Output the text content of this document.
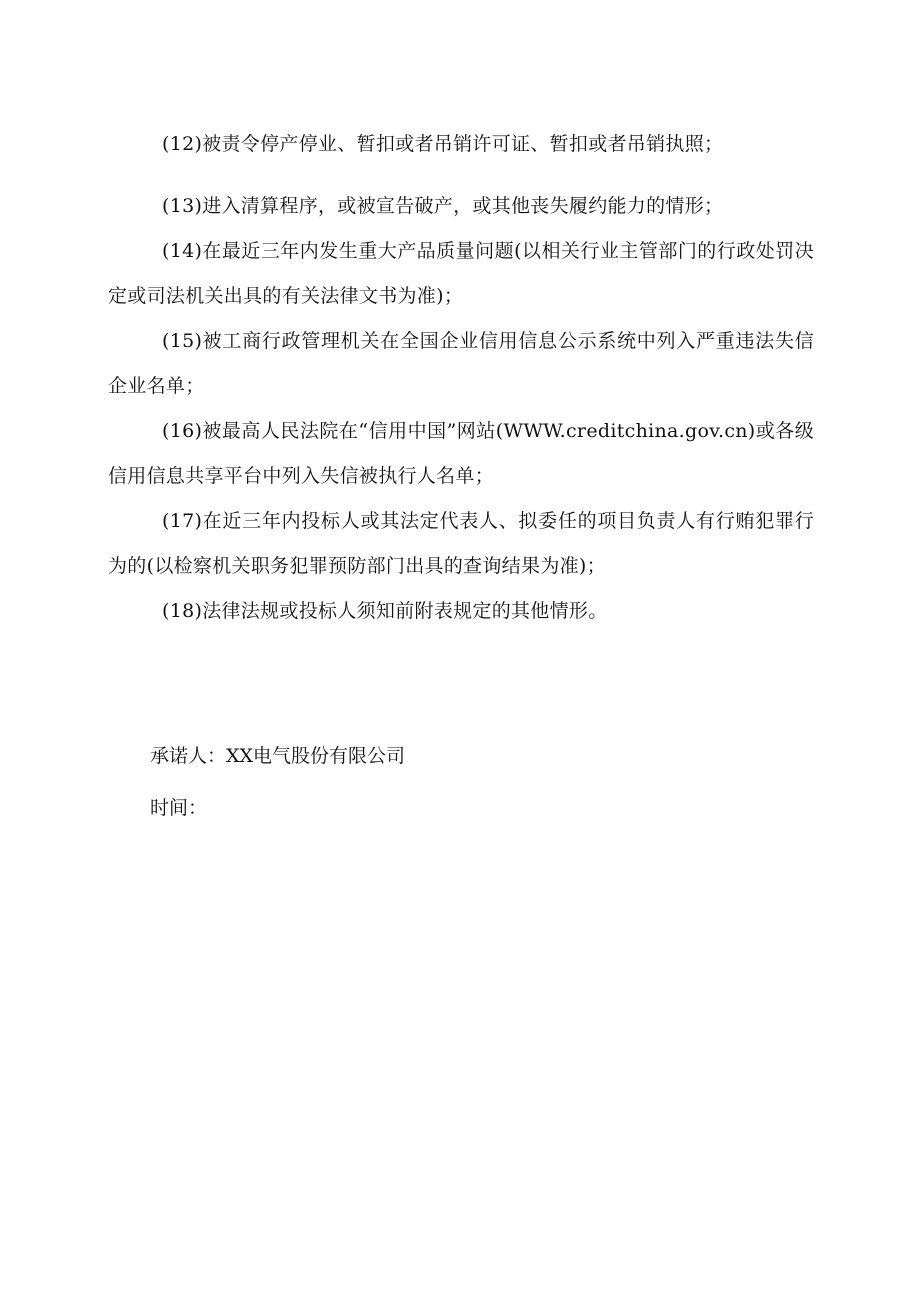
(12)被责令停产停业、暂扣或者吊销许可证、暂扣或者吊销执照；

(13)进入清算程序，或被宣告破产，或其他丧失履约能力的情形；

(14)在最近三年内发生重大产品质量问题(以相关行业主管部门的行政处罚决定或司法机关出具的有关法律文书为准)；

(15)被工商行政管理机关在全国企业信用信息公示系统中列入严重违法失信企业名单；

(16)被最高人民法院在“信用中国”网站(WWW.creditchina.gov.cn)或各级信用信息共享平台中列入失信被执行人名单；

(17)在近三年内投标人或其法定代表人、拟委任的项目负责人有行贿犯罪行为的(以检察机关职务犯罪预防部门出具的查询结果为准)；

(18)法律法规或投标人须知前附表规定的其他情形。

承诺人：XX电气股份有限公司

时间：
